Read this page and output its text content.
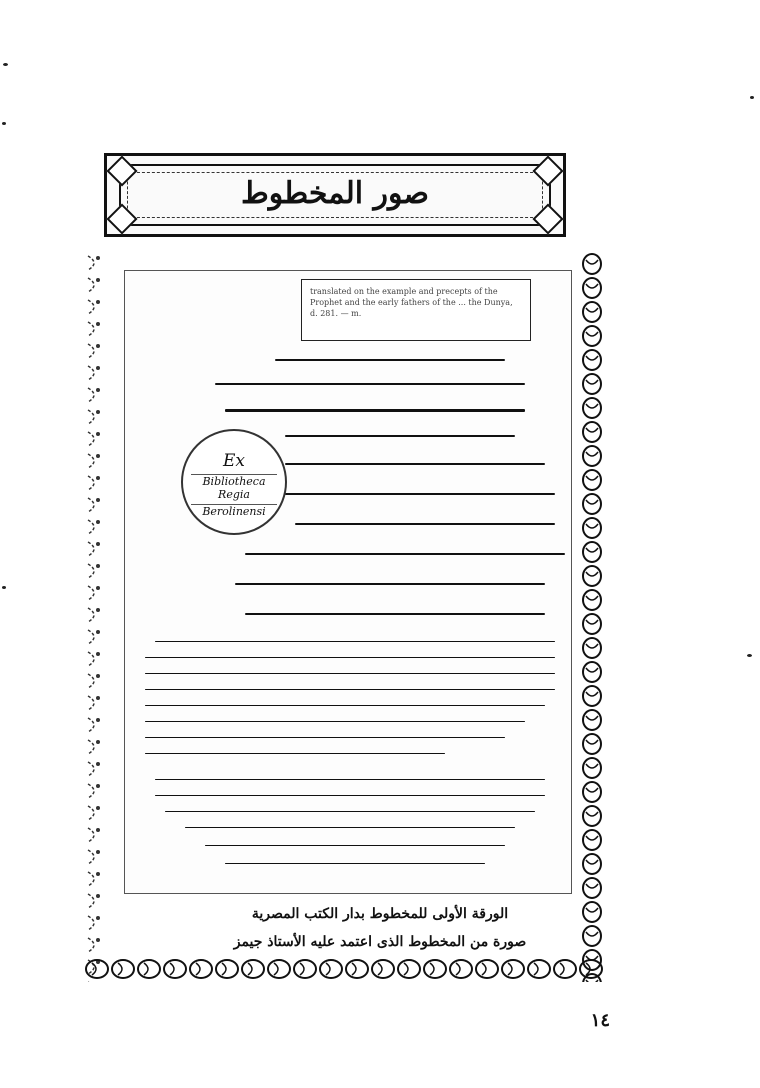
صور المخطوط
translated on the example and precepts of the Prophet and the early fathers of the ... the Dunya, d. 281. — m.
Ex
Bibliotheca Regia
Berolinensi
الورقة الأولى للمخطوط بدار الكتب المصرية
صورة من المخطوط الذى اعتمد عليه الأستاذ جيمز
١٤
